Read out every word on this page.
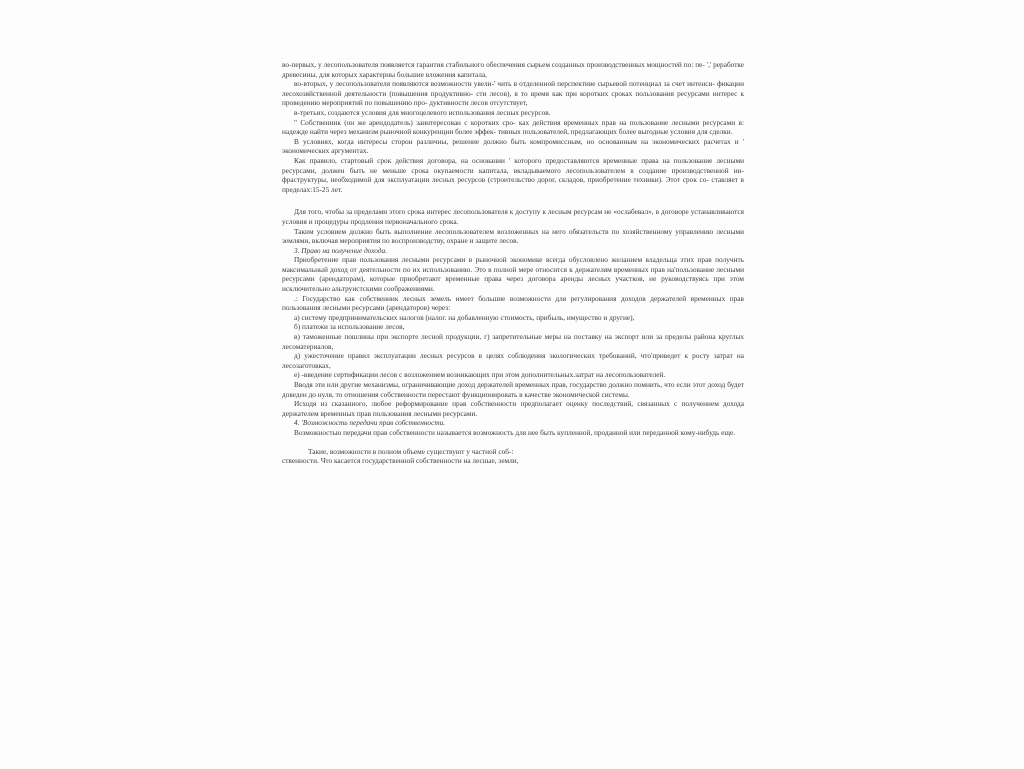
во-первых, у лесопользователя появляется гарантия стабильного обеспечения сырьем созданных производственных мощностей по: пе- ',' реработке древесины, для которых характерны большие вложения капитала,

во-вторых, у лесопользователя появляются возможности увели-' чить в отделенной перспективе сырьевой потенциал за счет интенси- фикации лесохозяйственной деятельности (повышения продуктивно- сти лесов), в то время как при коротких сроках пользования ресурсами интерес к проведению мероприятий по повышению про- дуктивности лесов отсутствует,

в-третьих, создаются условия для многоцелевого использования лесных ресурсов.

" Собственник (он же арендодатель) заинтересован с коротких сро- ках действия временных прав на пользование лесными ресурсами в: надежде найти через механизм рыночной конкуренции более эффек- тивных пользователей, предлагающих более выгодные условия для сделки.

В условиях, когда интересы сторон различны, решение должно быть компромиссным, но основанным на экономических расчетах и ' экономических аргументах.

Как правило, стартовый срок действия договора, на основании ' которого предоставляются временные права на пользование лесными ресурсами, должен быть не меньше срока окупаемости капитала, вкладываемого лесопользователем в создание производственной ин- фраструктуры, необходимой для эксплуатации лесных ресурсов (строительство дорог, складов, приобретение техники). Этот срок со- ставляет в пределах:15-25 лет.

Для того, чтобы за пределами этого срока интерес лесопользователя к доступу к лесным ресурсам не «ослабевал», в договоре устанавливаются условия и процедуры продления первоначального срока.

Таким условием должно быть выполнение лесопользователем возложенных на него обязательств по хозяйственному управлению лесными землями, включая мероприятия по воспроизводству, охране и защите лесов.

3. Право на получение дохода.

Приобретение прав пользования лесными ресурсами в рыночной экономике всегда обусловлено желанием владельца этих прав получить максимальный доход от деятельности по их использованию. Это в полной мере относится к держателям временных прав на'пользование лесными ресурсами (арендаторам), которые приобретают временные права через договора аренды лесных участков, не руководствуясь при этом исключительно альтруистскими соображениями.

.: Государство как собственник лесных земель имеет большие возможности для регулирования доходов держателей временных прав пользования лесными ресурсами (арендаторов) через:

а) систему предпринимательских налогов (налог. на добавленную стоимость, прибыль, имущество и другие),

б) платежи за использование лесов,

в) таможенные пошлины при экспорте лесной продукции, г) запретительные меры на поставку на экспорт или за пределы района круглых лесоматериалов,

д) ужесточение правил эксплуатации лесных ресурсов в целях соблюдения экологических требований, что'приведет к росту затрат на лесозаготовках,

е) -введение сертификации лесов с возложением возникающих при этом дополнительных.затрат на лесопользователей.

Вводя эти или другие механизмы, ограничивающие доход держателей временных прав, государство должно помнить, что если этот доход будет доведен до нуля, то отношения собственности перестают функционировать в качестве экономической системы.

Исходя из сказанного, любое реформирование прав собственности предполагает оценку последствий, связанных с получением дохода держателем временных прав пользования лесными ресурсами.

4. 'Возможность передачи прав собственности.

Возможностью передачи прав собственности называется возможность для нее быть купленной, проданной или переданной кому-нибудь еще.

Такие, возможности в полном объеме существуют у частной соб-:

ственности. Что касается государственной собственности на лесные, земли,
